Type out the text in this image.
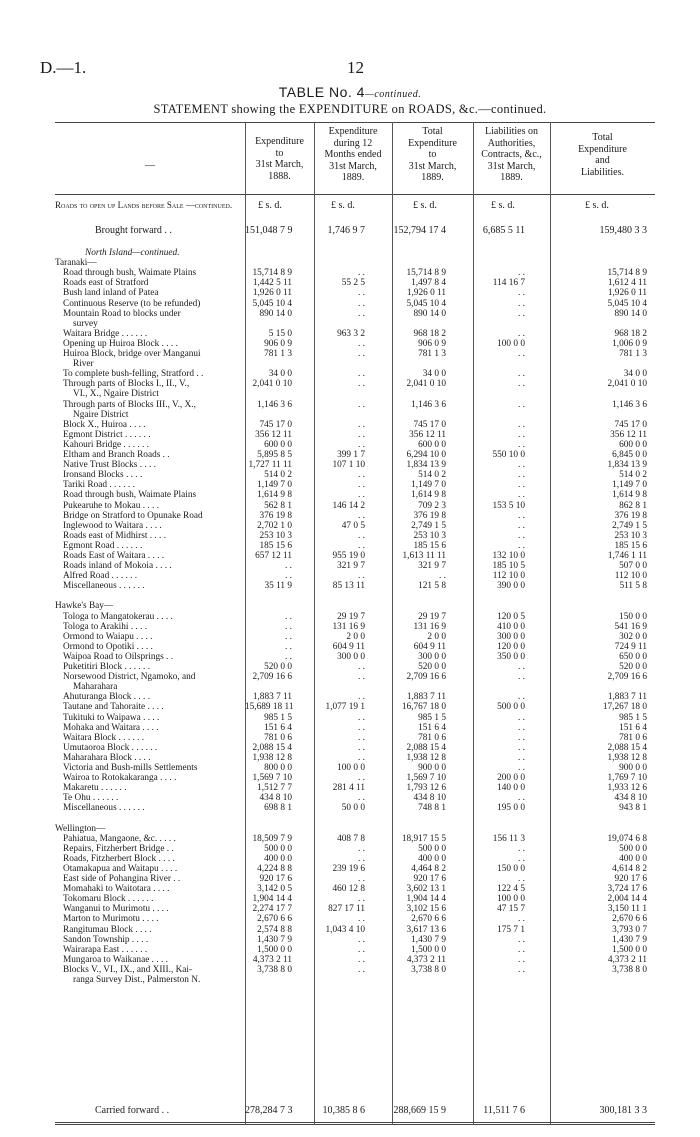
D.—1.	12
TABLE No. 4—continued.
STATEMENT showing the EXPENDITURE on ROADS, &c.—continued.
—
Expenditure
to
31st March,
1888.
Expenditure
during 12
Months ended
31st March,
1889.
Total
Expenditure
to
31st March,
1889.
Liabilities on
Authorities,
Contracts, &c.,
31st March,
1889.
Total
Expenditure
and
Liabilities.
£ s. d.	£ s. d.	£ s. d.	£ s. d.	£ s. d.
Roads to open up Lands before Sale —continued.
Brought forward . .	151,048 7 9	1,746 9 7	152,794 17 4	6,685 5 11	159,480 3 3
North Island—continued.
Taranaki—
Road through bush, Waimate Plains	15,714 8 9	. .	15,714 8 9	. .	15,714 8 9
Roads east of Stratford	1,442 5 11	55 2 5	1,497 8 4	114 16 7	1,612 4 11
Bush land inland of Patea	1,926 0 11	. .	1,926 0 11	. .	1,926 0 11
Continuous Reserve (to be refunded)	5,045 10 4	. .	5,045 10 4	. .	5,045 10 4
Mountain Road to blocks under
survey
890 14 0	. .	890 14 0	. .	890 14 0
Waitara Bridge . . . . . .	5 15 0	963 3 2	968 18 2	. .	968 18 2
Opening up Huiroa Block . . . .	906 0 9	. .	906 0 9	100 0 0	1,006 0 9
Huiroa Block, bridge over Manganui
River
781 1 3	. .	781 1 3	. .	781 1 3
To complete bush-felling, Stratford . .	34 0 0	. .	34 0 0	. .	34 0 0
Through parts of Blocks I., II., V.,
VI., X., Ngaire District
2,041 0 10	. .	2,041 0 10	. .	2,041 0 10
Through parts of Blocks III., V., X.,
Ngaire District
1,146 3 6	. .	1,146 3 6	. .	1,146 3 6
Block X., Huiroa . . . .	745 17 0	. .	745 17 0	. .	745 17 0
Egmont District . . . . . .	356 12 11	. .	356 12 11	. .	356 12 11
Kahouri Bridge . . . . . .	600 0 0	. .	600 0 0	. .	600 0 0
Eltham and Branch Roads . .	5,895 8 5	399 1 7	6,294 10 0	550 10 0	6,845 0 0
Native Trust Blocks . . . .	1,727 11 11	107 1 10	1,834 13 9	. .	1,834 13 9
Ironsand Blocks . . . .	514 0 2	. .	514 0 2	. .	514 0 2
Tariki Road . . . . . .	1,149 7 0	. .	1,149 7 0	. .	1,149 7 0
Road through bush, Waimate Plains	1,614 9 8	. .	1,614 9 8	. .	1,614 9 8
Pukearuhe to Mokau . . . .	562 8 1	146 14 2	709 2 3	153 5 10	862 8 1
Bridge on Stratford to Opunake Road	376 19 8	. .	376 19 8	. .	376 19 8
Inglewood to Waitara . . . .	2,702 1 0	47 0 5	2,749 1 5	. .	2,749 1 5
Roads east of Midhirst . . . .	253 10 3	. .	253 10 3	. .	253 10 3
Egmont Road . . . . . .	185 15 6	. .	185 15 6	. .	185 15 6
Roads East of Waitara . . . .	657 12 11	955 19 0	1,613 11 11	132 10 0	1,746 1 11
Roads inland of Mokoia . . . .	. .	321 9 7	321 9 7	185 10 5	507 0 0
Alfred Road . . . . . .	. .	. .	. .	112 10 0	112 10 0
Miscellaneous . . . . . .	35 11 9	85 13 11	121 5 8	390 0 0	511 5 8
Hawke's Bay—
Tologa to Mangatokerau . . . .	. .	29 19 7	29 19 7	120 0 5	150 0 0
Tologa to Arakihi . . . .	. .	131 16 9	131 16 9	410 0 0	541 16 9
Ormond to Waiapu . . . .	. .	2 0 0	2 0 0	300 0 0	302 0 0
Ormond to Opotiki . . . .	. .	604 9 11	604 9 11	120 0 0	724 9 11
Waipoa Road to Oilsprings . .	. .	300 0 0	300 0 0	350 0 0	650 0 0
Puketitiri Block . . . . . .	520 0 0	. .	520 0 0	. .	520 0 0
Norsewood District, Ngamoko, and
Maharahara
2,709 16 6	. .	2,709 16 6	. .	2,709 16 6
Ahuturanga Block . . . .	1,883 7 11	. .	1,883 7 11	. .	1,883 7 11
Tautane and Tahoraite . . . .	15,689 18 11	1,077 19 1	16,767 18 0	500 0 0	17,267 18 0
Tukituki to Waipawa . . . .	985 1 5	. .	985 1 5	. .	985 1 5
Mohaka and Waitara . . . .	151 6 4	. .	151 6 4	. .	151 6 4
Waitara Block . . . . . .	781 0 6	. .	781 0 6	. .	781 0 6
Umutaoroa Block . . . . . .	2,088 15 4	. .	2,088 15 4	. .	2,088 15 4
Maharahara Block . . . .	1,938 12 8	. .	1,938 12 8	. .	1,938 12 8
Victoria and Bush-mills Settlements	800 0 0	100 0 0	900 0 0	. .	900 0 0
Wairoa to Rotokakaranga . . . .	1,569 7 10	. .	1,569 7 10	200 0 0	1,769 7 10
Makaretu . . . . . .	1,512 7 7	281 4 11	1,793 12 6	140 0 0	1,933 12 6
Te Ohu . . . . . .	434 8 10	. .	434 8 10	. .	434 8 10
Miscellaneous . . . . . .	698 8 1	50 0 0	748 8 1	195 0 0	943 8 1
Wellington—
Pahiatua, Mangaone, &c. . . . .	18,509 7 9	408 7 8	18,917 15 5	156 11 3	19,074 6 8
Repairs, Fitzherbert Bridge . .	500 0 0	. .	500 0 0	. .	500 0 0
Roads, Fitzherbert Block . . . .	400 0 0	. .	400 0 0	. .	400 0 0
Otamakapua and Waitapu . . . .	4,224 8 8	239 19 6	4,464 8 2	150 0 0	4,614 8 2
East side of Pohangina River . .	920 17 6	. .	920 17 6	. .	920 17 6
Momahaki to Waitotara . . . .	3,142 0 5	460 12 8	3,602 13 1	122 4 5	3,724 17 6
Tokomaru Block . . . . . .	1,904 14 4	. .	1,904 14 4	100 0 0	2,004 14 4
Wanganui to Murimotu . . . .	2,274 17 7	827 17 11	3,102 15 6	47 15 7	3,150 11 1
Marton to Murimotu . . . .	2,670 6 6	. .	2,670 6 6	. .	2,670 6 6
Rangitumau Block . . . .	2,574 8 8	1,043 4 10	3,617 13 6	175 7 1	3,793 0 7
Sandon Township . . . .	1,430 7 9	. .	1,430 7 9	. .	1,430 7 9
Wairarapa East . . . . . .	1,500 0 0	. .	1,500 0 0	. .	1,500 0 0
Mungaroa to Waikanae . . . .	4,373 2 11	. .	4,373 2 11	. .	4,373 2 11
Blocks V., VI., IX., and XIII., Kai-
ranga Survey Dist., Palmerston N.
3,738 8 0	. .	3,738 8 0	. .	3,738 8 0
Carried forward . .	278,284 7 3	10,385 8 6	288,669 15 9	11,511 7 6	300,181 3 3
